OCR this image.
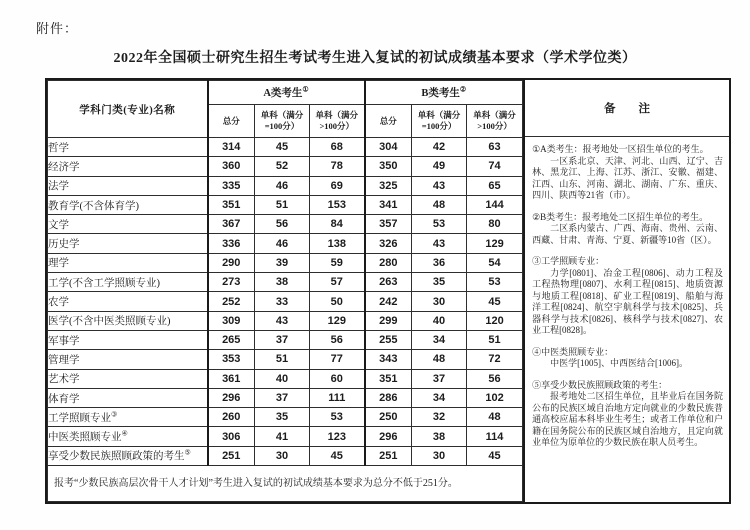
附件：
2022年全国硕士研究生招生考试考生进入复试的初试成绩基本要求（学术学位类）
学科门类(专业)名称	A类考生①			B类考生②
	总分	单科（满分=100分）	单科（满分>100分）	总分	单科（满分=100分）	单科（满分>100分）
哲学	314	45	68	304	42	63
经济学	360	52	78	350	49	74
法学	335	46	69	325	43	65
教育学(不含体育学)	351	51	153	341	48	144
文学	367	56	84	357	53	80
历史学	336	46	138	326	43	129
理学	290	39	59	280	36	54
工学(不含工学照顾专业)	273	38	57	263	35	53
农学	252	33	50	242	30	45
医学(不含中医类照顾专业)	309	43	129	299	40	120
军事学	265	37	56	255	34	51
管理学	353	51	77	343	48	72
艺术学	361	40	60	351	37	56
体育学	296	37	111	286	34	102
工学照顾专业③	260	35	53	250	32	48
中医类照顾专业④	306	41	123	296	38	114
享受少数民族照顾政策的考生⑤	251	30	45	251	30	45
报考“少数民族高层次骨干人才计划”考生进入复试的初试成绩基本要求为总分不低于251分。						
备　　注

①A类考生：报考地处一区招生单位的考生。

一区系北京、天津、河北、山西、辽宁、吉林、黑龙江、上海、江苏、浙江、安徽、福建、江西、山东、河南、湖北、湖南、广东、重庆、四川、陕西等21省（市）。

②B类考生：报考地处二区招生单位的考生。

二区系内蒙古、广西、海南、贵州、云南、西藏、甘肃、青海、宁夏、新疆等10省（区）。

③工学照顾专业：

力学[0801]、冶金工程[0806]、动力工程及工程热物理[0807]、水利工程[0815]、地质资源与地质工程[0818]、矿业工程[0819]、船舶与海洋工程[0824]、航空宇航科学与技术[0825]、兵器科学与技术[0826]、核科学与技术[0827]、农业工程[0828]。

④中医类照顾专业：

中医学[1005]、中西医结合[1006]。

⑤享受少数民族照顾政策的考生：

报考地处二区招生单位，且毕业后在国务院公布的民族区域自治地方定向就业的少数民族普通高校应届本科毕业生考生；或者工作单位和户籍在国务院公布的民族区域自治地方，且定向就业单位为原单位的少数民族在职人员考生。
